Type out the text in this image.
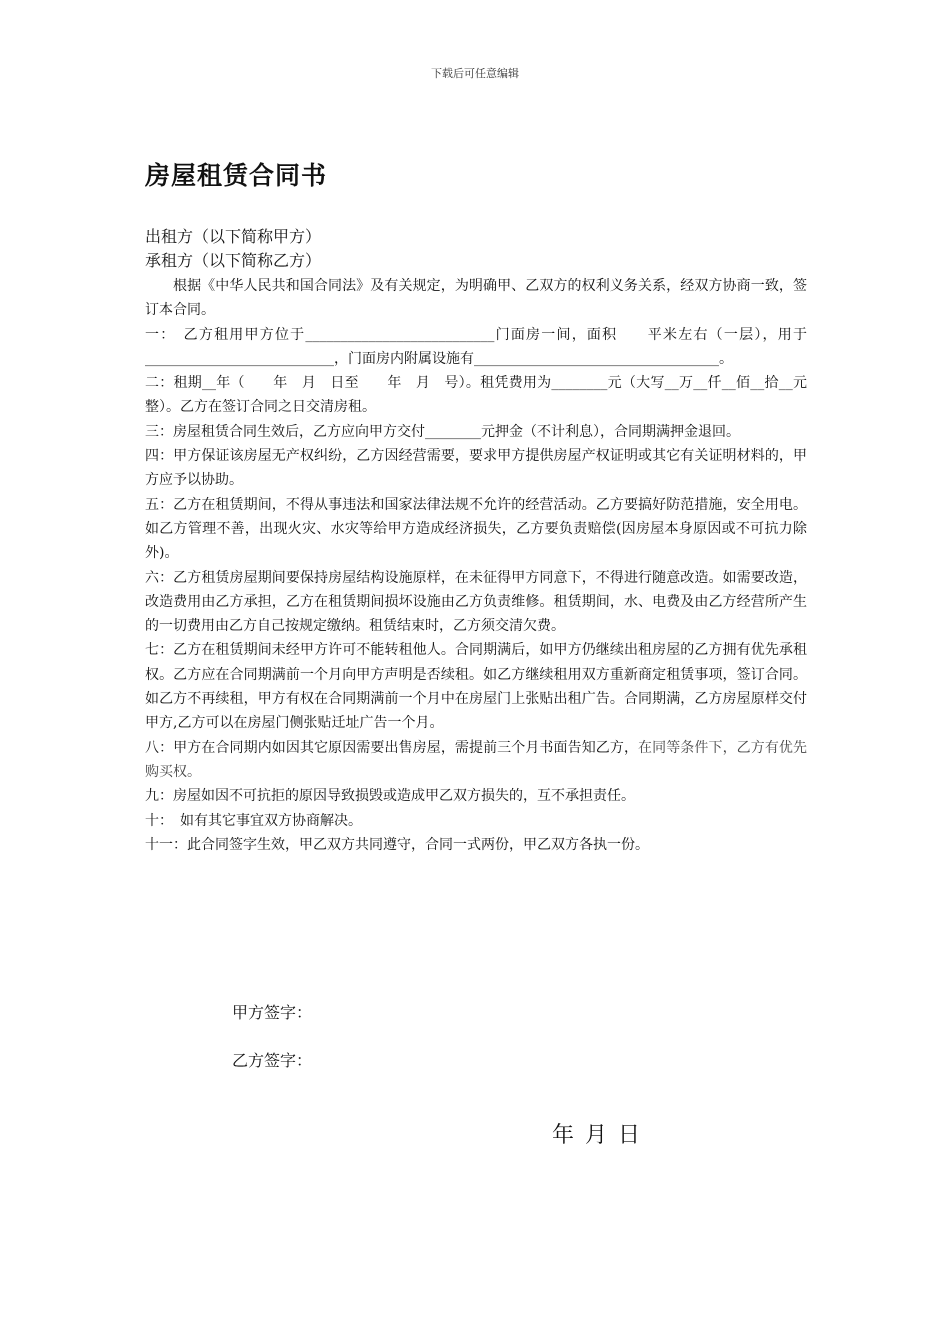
下载后可任意编辑
房屋租赁合同书
出租方（以下简称甲方）
承租方（以下简称乙方）

根据《中华人民共和国合同法》及有关规定，为明确甲、乙双方的权利义务关系，经双方协商一致，签订本合同。

一：　乙方租用甲方位于___________________________门面房一间，面积　　平米左右（一层），用于___________________________，门面房内附属设施有___________________________________。

二：租期__年（　　年　月　日至　　年　月　号）。租凭费用为________元（大写__万__仟__佰__拾__元整）。乙方在签订合同之日交清房租。

三：房屋租赁合同生效后，乙方应向甲方交付________元押金（不计利息），合同期满押金退回。

四：甲方保证该房屋无产权纠纷，乙方因经营需要，要求甲方提供房屋产权证明或其它有关证明材料的，甲方应予以协助。

五：乙方在租赁期间，不得从事违法和国家法律法规不允许的经营活动。乙方要搞好防范措施，安全用电。如乙方管理不善，出现火灾、水灾等给甲方造成经济损失，乙方要负责赔偿(因房屋本身原因或不可抗力除外)。

六：乙方租赁房屋期间要保持房屋结构设施原样，在未征得甲方同意下，不得进行随意改造。如需要改造，改造费用由乙方承担，乙方在租赁期间损坏设施由乙方负责维修。租赁期间，水、电费及由乙方经营所产生的一切费用由乙方自己按规定缴纳。租赁结束时，乙方须交清欠费。

七：乙方在租赁期间未经甲方许可不能转租他人。合同期满后，如甲方仍继续出租房屋的乙方拥有优先承租权。乙方应在合同期满前一个月向甲方声明是否续租。如乙方继续租用双方重新商定租赁事项，签订合同。如乙方不再续租，甲方有权在合同期满前一个月中在房屋门上张贴出租广告。合同期满，乙方房屋原样交付甲方,乙方可以在房屋门侧张贴迁址广告一个月。

八：甲方在合同期内如因其它原因需要出售房屋，需提前三个月书面告知乙方，在同等条件下，乙方有优先购买权。

九：房屋如因不可抗拒的原因导致损毁或造成甲乙双方损失的，互不承担责任。

十：　如有其它事宜双方协商解决。

十一：此合同签字生效，甲乙双方共同遵守，合同一式两份，甲乙双方各执一份。

甲方签字：
乙方签字：
年 月 日
